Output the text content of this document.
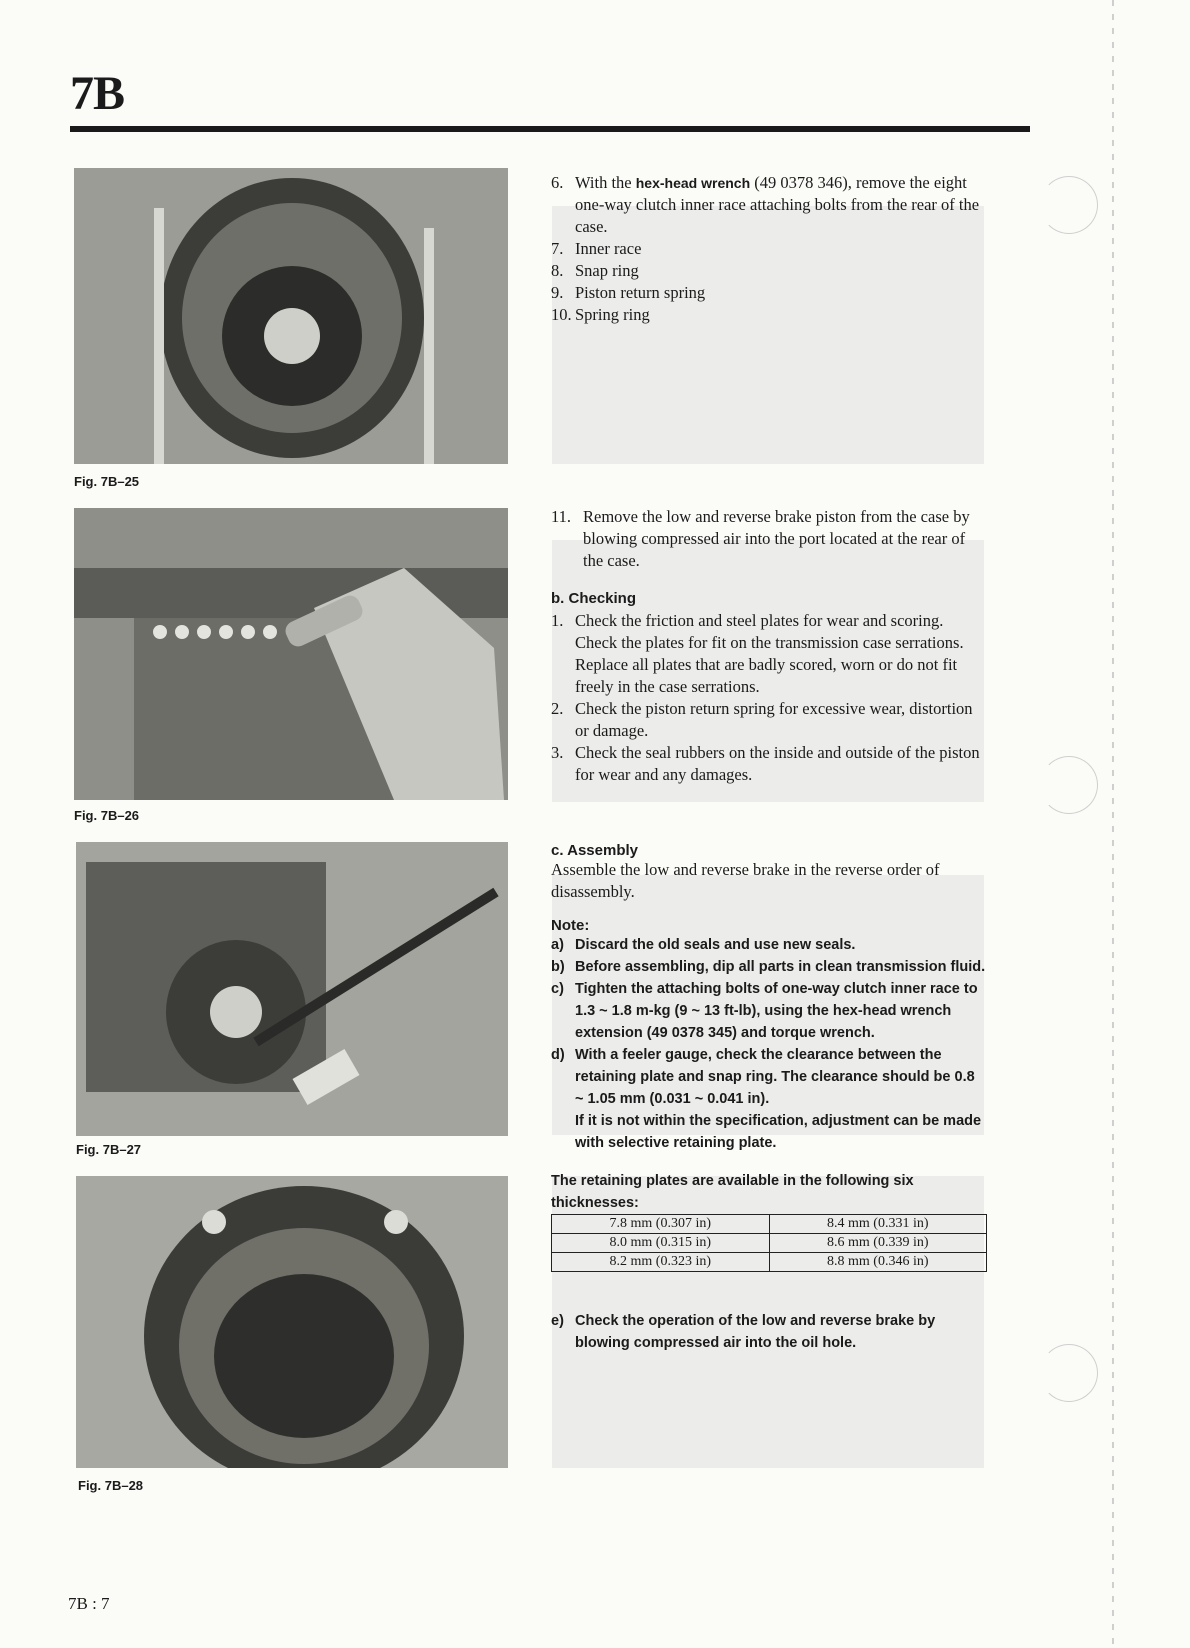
7B
Fig. 7B–25
Fig. 7B–26
Fig. 7B–27
Fig. 7B–28
6. With the hex-head wrench (49 0378 346), remove the eight one-way clutch inner race attaching bolts from the rear of the case.
7. Inner race
8. Snap ring
9. Piston return spring
10. Spring ring
11. Remove the low and reverse brake piston from the case by blowing compressed air into the port located at the rear of the case.
b. Checking
1. Check the friction and steel plates for wear and scoring. Check the plates for fit on the transmission case serrations.
Replace all plates that are badly scored, worn or do not fit freely in the case serrations.
2. Check the piston return spring for excessive wear, distortion or damage.
3. Check the seal rubbers on the inside and outside of the piston for wear and any damages.
c. Assembly
Assemble the low and reverse brake in the reverse order of disassembly.
Note:
a) Discard the old seals and use new seals.
b) Before assembling, dip all parts in clean transmission fluid.
c) Tighten the attaching bolts of one-way clutch inner race to 1.3 ~ 1.8 m-kg (9 ~ 13 ft-lb), using the hex-head wrench extension (49 0378 345) and torque wrench.
d) With a feeler gauge, check the clearance between the retaining plate and snap ring. The clearance should be 0.8 ~ 1.05 mm (0.031 ~ 0.041 in).
If it is not within the specification, adjustment can be made with selective retaining plate.
The retaining plates are available in the following six thicknesses:
7.8 mm (0.307 in)	8.4 mm (0.331 in)
8.0 mm (0.315 in)	8.6 mm (0.339 in)
8.2 mm (0.323 in)	8.8 mm (0.346 in)
e) Check the operation of the low and reverse brake by blowing compressed air into the oil hole.
7B : 7
